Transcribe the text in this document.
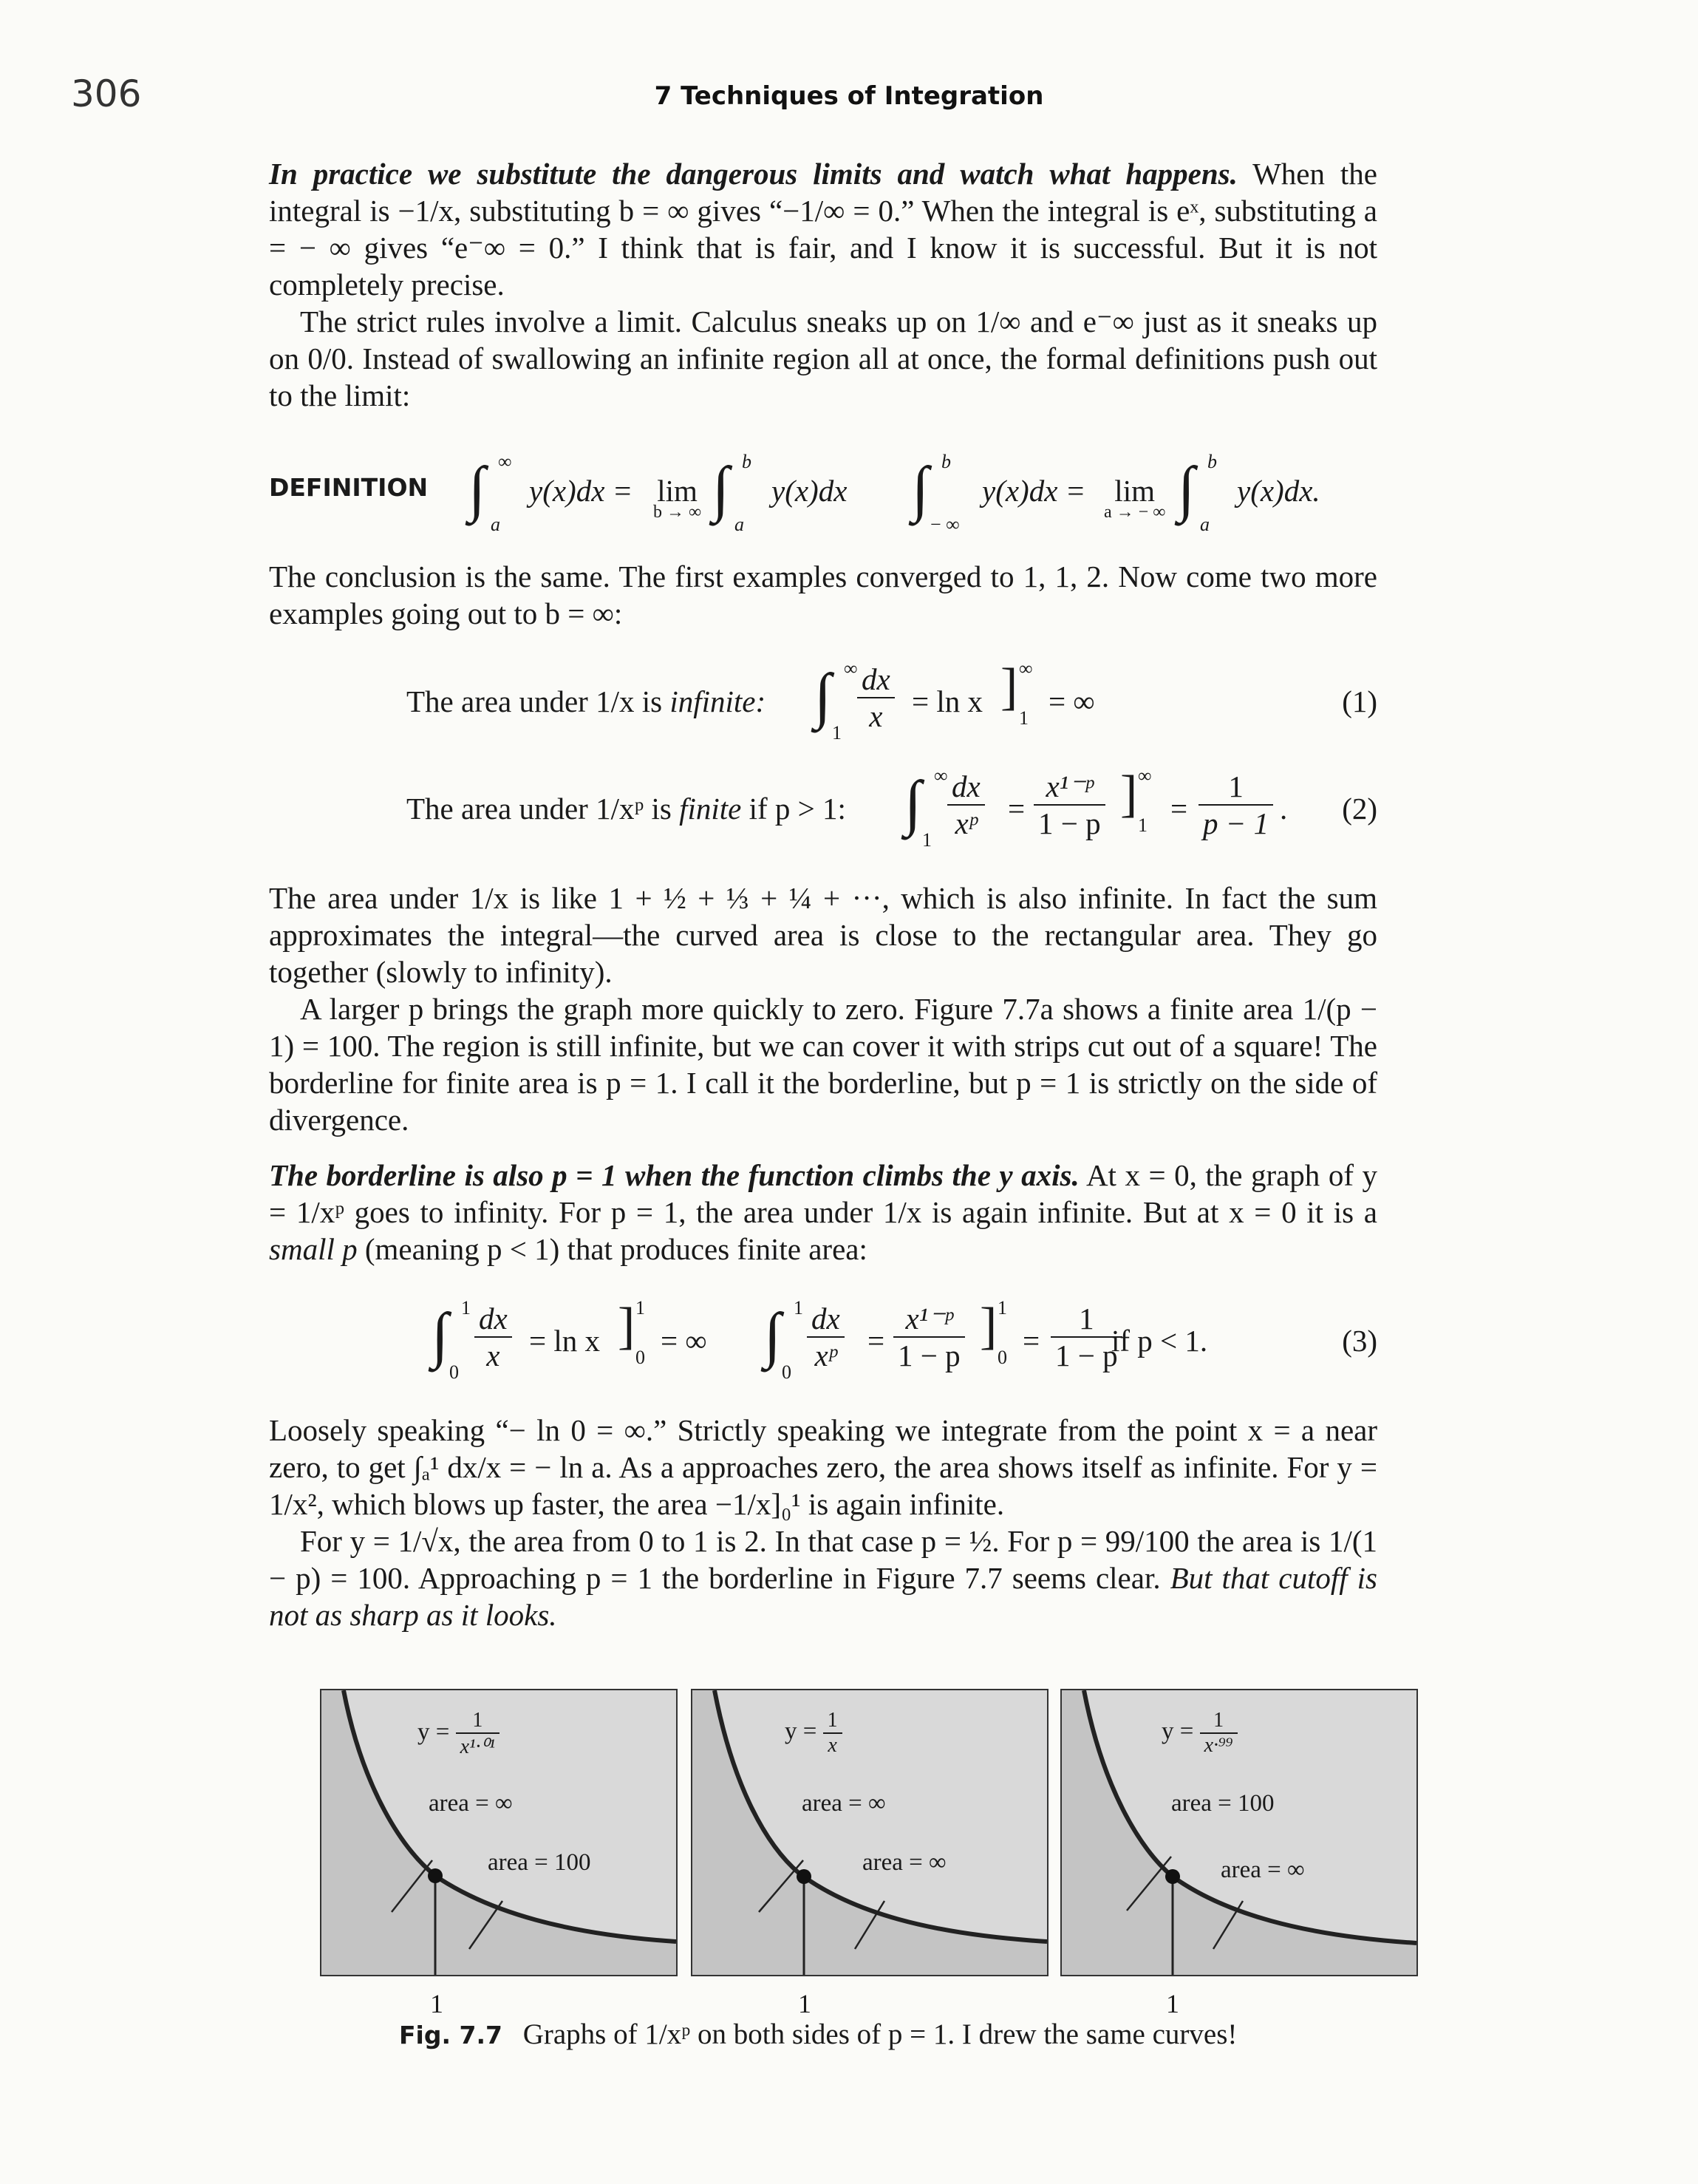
306	7 Techniques of Integration

In practice we substitute the dangerous limits and watch what happens. When the integral is −1/x, substituting b = ∞ gives “−1/∞ = 0.” When the integral is eˣ, substituting a = − ∞ gives “e⁻∞ = 0.” I think that is fair, and I know it is successful. But it is not completely precise.

The strict rules involve a limit. Calculus sneaks up on 1/∞ and e⁻∞ just as it sneaks up on 0/0. Instead of swallowing an infinite region all at once, the formal definitions push out to the limit:

DEFINITION ∫ ∞
a
y(x)dx = lim
b → ∞ ∫ b
a
y(x)dx ∫ b
− ∞
y(x)dx = lim
a → − ∞ ∫ b
a
y(x)dx.

The conclusion is the same. The first examples converged to 1, 1, 2. Now come two more examples going out to b = ∞:

The area under 1/x is infinite: ∫ ∞
$1 \frac{dx}{x} = \ln x$ ] ∞
1 = ∞	(1)
The area under 1/xᵖ is finite if p > 1: ∫ ∞
$1 \frac{dx}{\text{xᵖ}} = \frac{\text{x¹⁻ᵖ}}{1 - p}$ ] ∞
$1 = \frac{1}{p - 1}$ . (2)

The area under 1/x is like 1 + ½ + ⅓ + ¼ + ···, which is also infinite. In fact the sum approximates the integral—the curved area is close to the rectangular area. They go together (slowly to infinity).

A larger p brings the graph more quickly to zero. Figure 7.7a shows a finite area 1/(p − 1) = 100. The region is still infinite, but we can cover it with strips cut out of a square! The borderline for finite area is p = 1. I call it the borderline, but p = 1 is strictly on the side of divergence.

The borderline is also p = 1 when the function climbs the y axis. At x = 0, the graph of y = 1/xᵖ goes to infinity. For p = 1, the area under 1/x is again infinite. But at x = 0 it is a small p (meaning p < 1) that produces finite area:

∫ 1
$0 \frac{dx}{x} = \ln x$ ] 1
0 = ∞ ∫ 1
$0 \frac{dx}{\text{xᵖ}} = \frac{\text{x¹⁻ᵖ}}{1 - p}$ ] 1
$0 = \frac{1}{1 - p}$
if p < 1.	(3)

Loosely speaking “− ln 0 = ∞.” Strictly speaking we integrate from the point x = a near zero, to get ∫ₐ¹ dx/x = − ln a. As a approaches zero, the area shows itself as infinite. For y = 1/x², which blows up faster, the area −1/x]₀¹ is again infinite.

For y = 1/√x, the area from 0 to 1 is 2. In that case p = ½. For p = 99/100 the area is 1/(1 − p) = 100. Approaching p = 1 the borderline in Figure 7.7 seems clear. But that cutoff is not as sharp as it looks.

$y = \frac{1}{\text{x¹·⁰¹}}$
area = ∞
area = 100
1
$y = \frac{1}{x}$
area = ∞
area = ∞
1
$y = \frac{1}{\text{x·⁹⁹}}$
area = 100
area = ∞
1
Fig. 7.7 Graphs of 1/xᵖ on both sides of p = 1. I drew the same curves!
